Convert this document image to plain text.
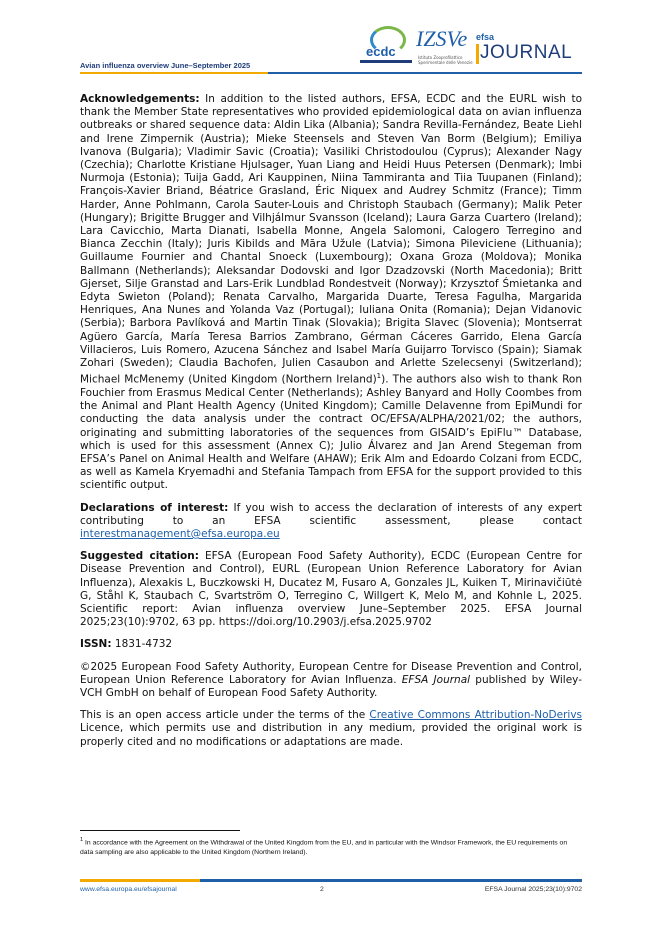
Avian influenza overview June–September 2025
ecdc
IZSVe
Istituto Zooprofilattico Sperimentale delle Venezie
efsa
JOURNAL

Acknowledgements: In addition to the listed authors, EFSA, ECDC and the EURL wish to thank the Member State representatives who provided epidemiological data on avian influenza outbreaks or shared sequence data: Aldin Lika (Albania); Sandra Revilla-Fernández, Beate Liehl and Irene Zimpernik (Austria); Mieke Steensels and Steven Van Borm (Belgium); Emiliya Ivanova (Bulgaria); Vladimir Savic (Croatia); Vasiliki Christodoulou (Cyprus); Alexander Nagy (Czechia); Charlotte Kristiane Hjulsager, Yuan Liang and Heidi Huus Petersen (Denmark); Imbi Nurmoja (Estonia); Tuija Gadd, Ari Kauppinen, Niina Tammiranta and Tiia Tuupanen (Finland); François-Xavier Briand, Béatrice Grasland, Éric Niquex and Audrey Schmitz (France); Timm Harder, Anne Pohlmann, Carola Sauter-Louis and Christoph Staubach (Germany); Malik Peter (Hungary); Brigitte Brugger and Vilhjálmur Svansson (Iceland); Laura Garza Cuartero (Ireland); Lara Cavicchio, Marta Dianati, Isabella Monne, Angela Salomoni, Calogero Terregino and Bianca Zecchin (Italy); Juris Kibilds and Māra Užule (Latvia); Simona Pileviciene (Lithuania); Guillaume Fournier and Chantal Snoeck (Luxembourg); Oxana Groza (Moldova); Monika Ballmann (Netherlands); Aleksandar Dodovski and Igor Dzadzovski (North Macedonia); Britt Gjerset, Silje Granstad and Lars-Erik Lundblad Rondestveit (Norway); Krzysztof Śmietanka and Edyta Swieton (Poland); Renata Carvalho, Margarida Duarte, Teresa Fagulha, Margarida Henriques, Ana Nunes and Yolanda Vaz (Portugal); Iuliana Onita (Romania); Dejan Vidanovic (Serbia); Barbora Pavlíková and Martin Tinak (Slovakia); Brigita Slavec (Slovenia); Montserrat Agüero García, María Teresa Barrios Zambrano, Gérman Cáceres Garrido, Elena García Villacieros, Luis Romero, Azucena Sánchez and Isabel María Guijarro Torvisco (Spain); Siamak Zohari (Sweden); Claudia Bachofen, Julien Casaubon and Arlette Szelecsenyi (Switzerland); Michael McMenemy (United Kingdom (Northern Ireland)$^1$). The authors also wish to thank Ron Fouchier from Erasmus Medical Center (Netherlands); Ashley Banyard and Holly Coombes from the Animal and Plant Health Agency (United Kingdom); Camille Delavenne from EpiMundi for conducting the data analysis under the contract OC/EFSA/ALPHA/2021/02; the authors, originating and submitting laboratories of the sequences from GISAID’s EpiFlu™ Database, which is used for this assessment (Annex C); Julio Álvarez and Jan Arend Stegeman from EFSA’s Panel on Animal Health and Welfare (AHAW); Erik Alm and Edoardo Colzani from ECDC, as well as Kamela Kryemadhi and Stefania Tampach from EFSA for the support provided to this scientific output.

Declarations of interest: If you wish to access the declaration of interests of any expert contributing to an EFSA scientific assessment, please contact interestmanagement@efsa.europa.eu

Suggested citation: EFSA (European Food Safety Authority), ECDC (European Centre for Disease Prevention and Control), EURL (European Union Reference Laboratory for Avian Influenza), Alexakis L, Buczkowski H, Ducatez M, Fusaro A, Gonzales JL, Kuiken T, Mirinavičiūtė G, Ståhl K, Staubach C, Svartström O, Terregino C, Willgert K, Melo M, and Kohnle L, 2025. Scientific report: Avian influenza overview June–September 2025. EFSA Journal 2025;23(10):9702, 63 pp. https://doi.org/10.2903/j.efsa.2025.9702

ISSN: 1831-4732

©2025 European Food Safety Authority, European Centre for Disease Prevention and Control, European Union Reference Laboratory for Avian Influenza. EFSA Journal published by Wiley-VCH GmbH on behalf of European Food Safety Authority.

This is an open access article under the terms of the Creative Commons Attribution-NoDerivs Licence, which permits use and distribution in any medium, provided the original work is properly cited and no modifications or adaptations are made.

$^1$ In accordance with the Agreement on the Withdrawal of the United Kingdom from the EU, and in particular with the Windsor Framework, the EU requirements on data sampling are also applicable to the United Kingdom (Northern Ireland).
www.efsa.europa.eu/efsajournal	2	EFSA Journal 2025;23(10):9702
